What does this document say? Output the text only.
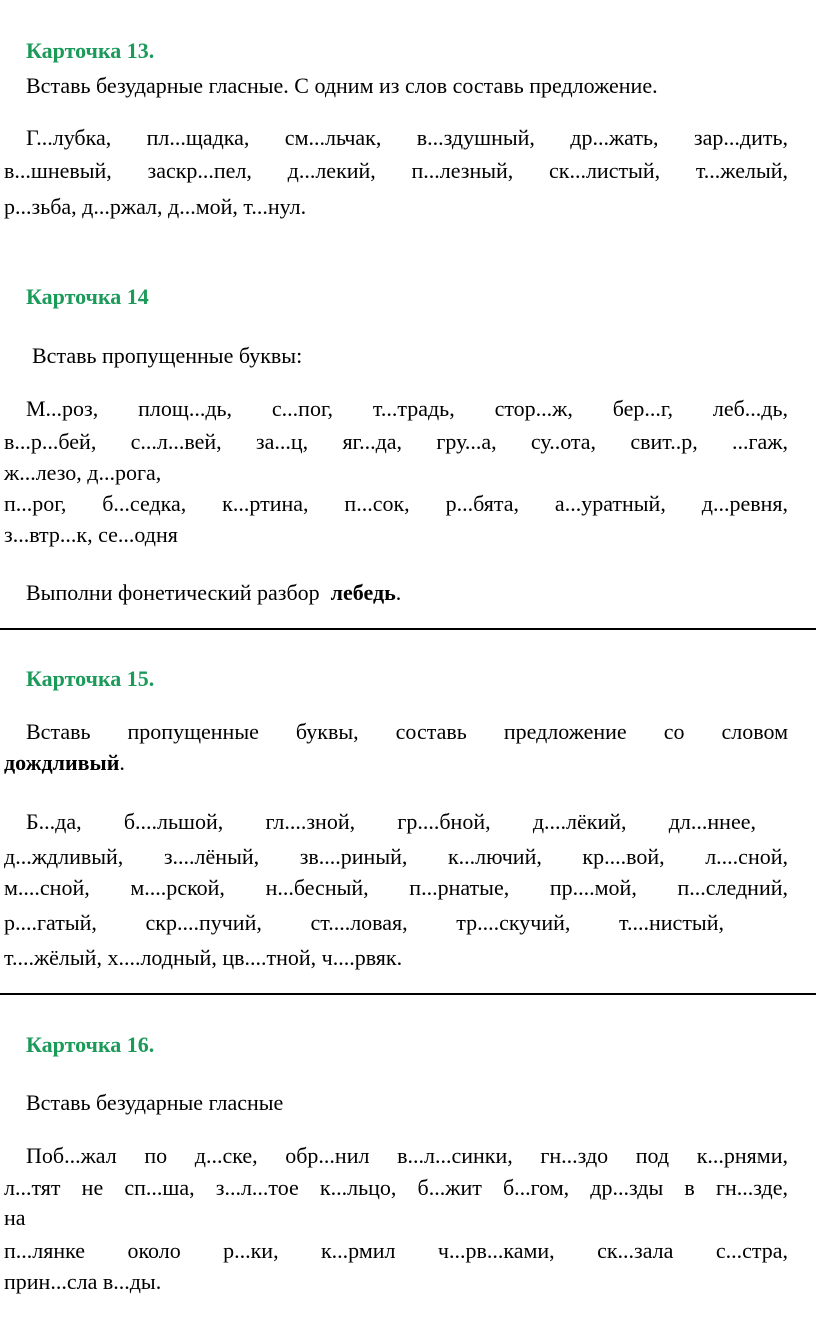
Карточка 13.

Вставь безударные гласные. С одним из слов составь предложение.

Г...лубка, пл...щадка, см...льчак, в...здушный, др...жать, зар...дить,

в...шневый, заскр...пел, д...лекий, п...лезный, ск...листый, т...желый,

р...зьба, д...ржал, д...мой, т...нул.

Карточка 14

Вставь пропущенные буквы:

М...роз, площ...дь, с...пог, т...традь, стор...ж, бер...г, леб...дь,

в...р...бей, с...л...вей, за...ц, яг...да, гру...а, су..ота, свит..р, ...гаж,

ж...лезо, д...рога,

п...рог, б...седка, к...ртина, п...сок, р...бята, а...уратный, д...ревня,

з...втр...к, се...одня

Выполни фонетический разбор лебедь.

Карточка 15.

Вставь пропущенные буквы, составь предложение со словом

дождливый.

Б...да, б....льшой, гл....зной, гр....бной, д....лёкий, дл...ннее,

д...ждливый, з....лёный, зв....риный, к...лючий, кр....вой, л....сной,

м....сной, м....рской, н...бесный, п...рнатые, пр....мой, п...следний,

р....гатый, скр....пучий, ст....ловая, тр....скучий, т....нистый,

т....жёлый, х....лодный, цв....тной, ч....рвяк.

Карточка 16.

Вставь безударные гласные

Поб...жал по д...ске, обр...нил в...л...синки, гн...здо под к...рнями,

л...тят не сп...ша, з...л...тое к...льцо, б...жит б...гом, др...зды в гн...зде,

на

п...лянке около р...ки, к...рмил ч...рв...ками, ск...зала с...стра,

прин...сла в...ды.
